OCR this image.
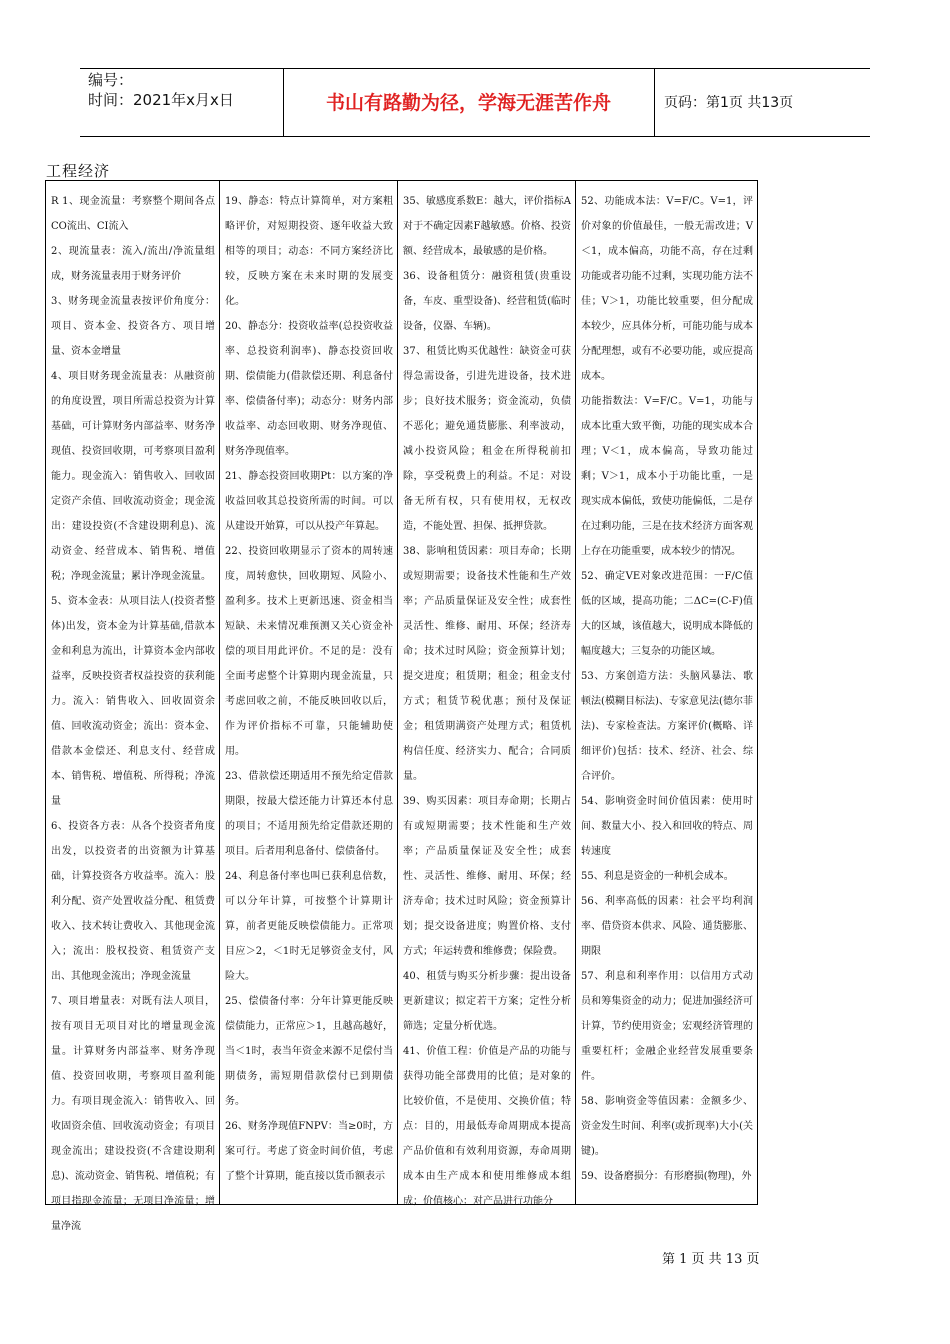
编号：
时间：2021年x月x日	书山有路勤为径，学海无涯苦作舟	页码：第1页 共13页
工程经济

R 1、现金流量：考察整个期间各点CO流出、CI流入

2、现流量表：流入/流出/净流量组成，财务流量表用于财务评价

3、财务现金流量表按评价角度分：项目、资本金、投资各方、项目增量、资本金增量

4、项目财务现金流量表：从融资前的角度设置，项目所需总投资为计算基础，可计算财务内部益率、财务净现值、投资回收期，可考察项目盈利能力。现金流入：销售收入、回收固定资产余值、回收流动资金；现金流出：建设投资(不含建设期利息)、流动资金、经营成本、销售税、增值税；净现金流量；累计净现金流量。

5、资本金表：从项目法人(投资者整体)出发，资本金为计算基础,借款本金和利息为流出，计算资本金内部收益率，反映投资者权益投资的获利能力。流入：销售收入、回收固资余值、回收流动资金；流出：资本金、借款本金偿还、利息支付、经营成本、销售税、增值税、所得税；净流量

6、投资各方表：从各个投资者角度出发，以投资者的出资额为计算基础，计算投资各方收益率。流入：股利分配、资产处置收益分配、租赁费收入、技术转让费收入、其他现金流入；流出：股权投资、租赁资产支出、其他现金流出；净现金流量

7、项目增量表：对既有法人项目，按有项目无项目对比的增量现金流量。计算财务内部益率、财务净现值、投资回收期，考察项目盈利能力。有项目现金流入：销售收入、回收固资余值、回收流动资金；有项目现金流出；建设投资(不含建设期利息)、流动资金、销售税、增值税；有项目指现金流量；无项目净流量；增量净流

19、静态：特点计算简单，对方案粗略评价，对短期投资、逐年收益大致相等的项目；动态：不同方案经济比较，反映方案在未来时期的发展变化。

20、静态分：投资收益率(总投资收益率、总投资利润率)、静态投资回收期、偿债能力(借款偿还期、利息备付率、偿债备付率)；动态分：财务内部收益率、动态回收期、财务净现值、财务净现值率。

21、静态投资回收期Pt：以方案的净收益回收其总投资所需的时间。可以从建设开始算，可以从投产年算起。

22、投资回收期显示了资本的周转速度，周转愈快，回收期短、风险小、盈利多。技术上更新迅速、资金相当短缺、未来情况难预测又关心资金补偿的项目用此评价。不足的是：没有全面考虑整个计算期内现金流量，只考虑回收之前，不能反映回收以后，作为评价指标不可靠，只能辅助使用。

23、借款偿还期适用不预先给定借款期限，按最大偿还能力计算还本付息的项目；不适用预先给定借款还期的项目。后者用利息备付、偿债备付。

24、利息备付率也叫已获利息倍数，可以分年计算，可按整个计算期计算，前者更能反映偿债能力。正常项目应＞2，＜1时无足够资金支付，风险大。

25、偿债备付率：分年计算更能反映偿债能力，正常应＞1，且越高越好，当＜1时，表当年资金来源不足偿付当期债务，需短期借款偿付已到期债务。

26、财务净现值FNPV：当≥0时，方案可行。考虑了资金时间价值，考虑了整个计算期，能直接以货币额表示

35、敏感度系数E：越大，评价指标A对于不确定因素F越敏感。价格、投资额、经营成本，最敏感的是价格。

36、设备租赁分：融资租赁(贵重设备，车皮、重型设备)、经营租赁(临时设备，仪器、车辆)。

37、租赁比购买优越性：缺资金可获得急需设备，引进先进设备，技术进步；良好技术服务；资金流动，负债不恶化；避免通货膨胀、利率波动，减小投资风险；租金在所得税前扣除，享受税费上的利益。不足：对设备无所有权，只有使用权，无权改造，不能处置、担保、抵押贷款。

38、影响租赁因素：项目寿命；长期或短期需要；设备技术性能和生产效率；产品质量保证及安全性；成套性灵活性、维修、耐用、环保；经济寿命；技术过时风险；资金预算计划；提交进度；租赁期；租金；租金支付方式；租赁节税优惠；预付及保证金；租赁期满资产处理方式；租赁机构信任度、经济实力、配合；合同质量。

39、购买因素：项目寿命期；长期占有或短期需要；技术性能和生产效率；产品质量保证及安全性；成套性、灵活性、维修、耐用、环保；经济寿命；技术过时风险；资金预算计划；提交设备进度；购置价格、支付方式；年运转费和维修费；保险费。

40、租赁与购买分析步骤：提出设备更新建议；拟定若干方案；定性分析筛选；定量分析优选。

41、价值工程：价值是产品的功能与获得功能全部费用的比值；是对象的比较价值，不是使用、交换价值；特点：目的，用最低寿命周期成本提高产品价值和有效利用资源，寿命周期成本由生产成本和使用维修成本组成；价值核心：对产品进行功能分

52、功能成本法：V=F/C。V=1，评价对象的价值最佳，一般无需改进；V＜1，成本偏高，功能不高，存在过剩功能或者功能不过剩，实现功能方法不佳；V＞1，功能比较重要，但分配成本较少，应具体分析，可能功能与成本分配理想，或有不必要功能，或应提高成本。

功能指数法：V=F/C。V=1，功能与成本比重大致平衡，功能的现实成本合理；V＜1，成本偏高，导致功能过剩；V＞1，成本小于功能比重，一是现实成本偏低，致使功能偏低，二是存在过剩功能，三是在技术经济方面客观上存在功能重要，成本较少的情况。

52、确定VE对象改进范围：一F/C值低的区域，提高功能；二ΔC=(C-F)值大的区域，该值越大，说明成本降低的幅度越大；三复杂的功能区域。

53、方案创造方法：头脑风暴法、歌顿法(模糊目标法)、专家意见法(德尔菲法)、专家检查法。方案评价(概略、详细评价)包括：技术、经济、社会、综合评价。

54、影响资金时间价值因素：使用时间、数量大小、投入和回收的特点、周转速度

55、利息是资金的一种机会成本。

56、利率高低的因素：社会平均利润率、借贷资本供求、风险、通货膨胀、期限

57、利息和利率作用：以信用方式动员和筹集资金的动力；促进加强经济可计算，节约使用资金；宏观经济管理的重要杠杆；金融企业经营发展重要条件。

58、影响资金等值因素：金额多少、资金发生时间、利率(或折现率)大小(关键)。

59、设备磨损分：有形磨损(物理)，外

第 1 页 共 13 页
